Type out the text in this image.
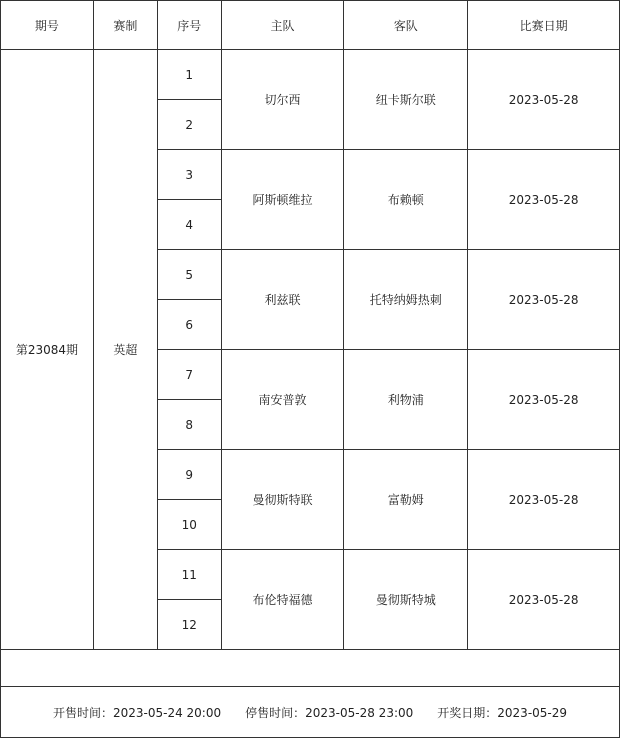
期号	赛制	序号	主队	客队	比赛日期
第23084期	英超	1	切尔西	纽卡斯尔联	2023-05-28
		2			
		3	阿斯顿维拉	布赖顿	2023-05-28
		4			
		5	利兹联	托特纳姆热刺	2023-05-28
		6			
		7	南安普敦	利物浦	2023-05-28
		8			
		9	曼彻斯特联	富勒姆	2023-05-28
		10			
		11	布伦特福德	曼彻斯特城	2023-05-28
		12			

开售时间：2023-05-24 20:00 停售时间：2023-05-28 23:00 开奖日期：2023-05-29					
